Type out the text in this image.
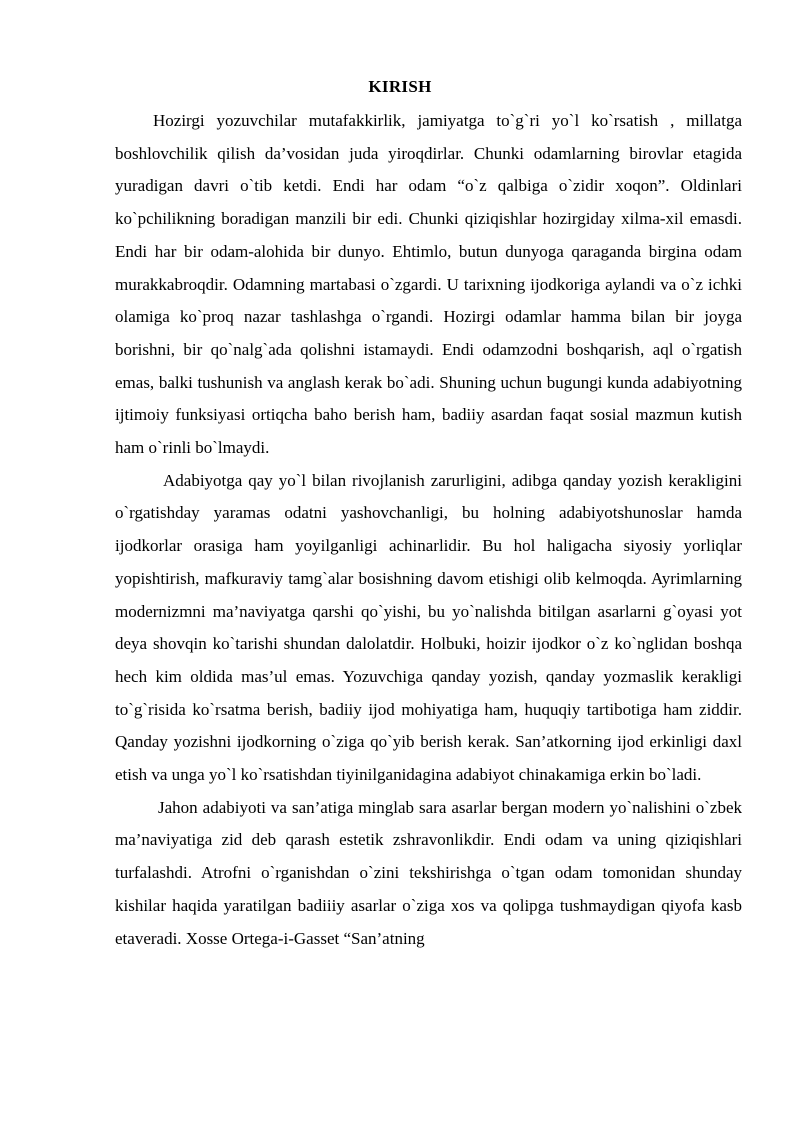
KIRISH

Hozirgi yozuvchilar mutafakkirlik, jamiyatga to`g`ri yo`l ko`rsatish , millatga boshlovchilik qilish da’vosidan juda yiroqdirlar. Chunki odamlarning birovlar etagida yuradigan davri o`tib ketdi. Endi har odam “o`z qalbiga o`zidir xoqon”. Oldinlari ko`pchilikning boradigan manzili bir edi. Chunki qiziqishlar hozirgiday xilma-xil emasdi. Endi har bir odam-alohida bir dunyo. Ehtimlo, butun dunyoga qaraganda birgina odam murakkabroqdir. Odamning martabasi o`zgardi. U tarixning ijodkoriga aylandi va o`z ichki olamiga ko`proq nazar tashlashga o`rgandi. Hozirgi odamlar hamma bilan bir joyga borishni, bir qo`nalg`ada qolishni istamaydi. Endi odamzodni boshqarish, aql o`rgatish emas, balki tushunish va anglash kerak bo`adi. Shuning uchun bugungi kunda adabiyotning ijtimoiy funksiyasi ortiqcha baho berish ham, badiiy asardan faqat sosial mazmun kutish ham o`rinli bo`lmaydi.

Adabiyotga qay yo`l bilan rivojlanish zarurligini, adibga qanday yozish kerakligini o`rgatishday yaramas odatni yashovchanligi, bu holning adabiyotshunoslar hamda ijodkorlar orasiga ham yoyilganligi achinarlidir. Bu hol haligacha siyosiy yorliqlar yopishtirish, mafkuraviy tamg`alar bosishning davom etishigi olib kelmoqda. Ayrimlarning modernizmni ma’naviyatga qarshi qo`yishi, bu yo`nalishda bitilgan asarlarni g`oyasi yot deya shovqin ko`tarishi shundan dalolatdir. Holbuki, hoizir ijodkor o`z ko`nglidan boshqa hech kim oldida mas’ul emas. Yozuvchiga qanday yozish, qanday yozmaslik kerakligi to`g`risida ko`rsatma berish, badiiy ijod mohiyatiga ham, huquqiy tartibotiga ham ziddir. Qanday yozishni ijodkorning o`ziga qo`yib berish kerak. San’atkorning ijod erkinligi daxl etish va unga yo`l ko`rsatishdan tiyinilganidagina adabiyot chinakamiga erkin bo`ladi.

Jahon adabiyoti va san’atiga minglab sara asarlar bergan modern yo`nalishini o`zbek ma’naviyatiga zid deb qarash estetik zshravonlikdir. Endi odam va uning qiziqishlari turfalashdi. Atrofni o`rganishdan o`zini tekshirishga o`tgan odam tomonidan shunday kishilar haqida yaratilgan badiiiy asarlar o`ziga xos va qolipga tushmaydigan qiyofa kasb etaveradi. Xosse Ortega-i-Gasset “San’atning
